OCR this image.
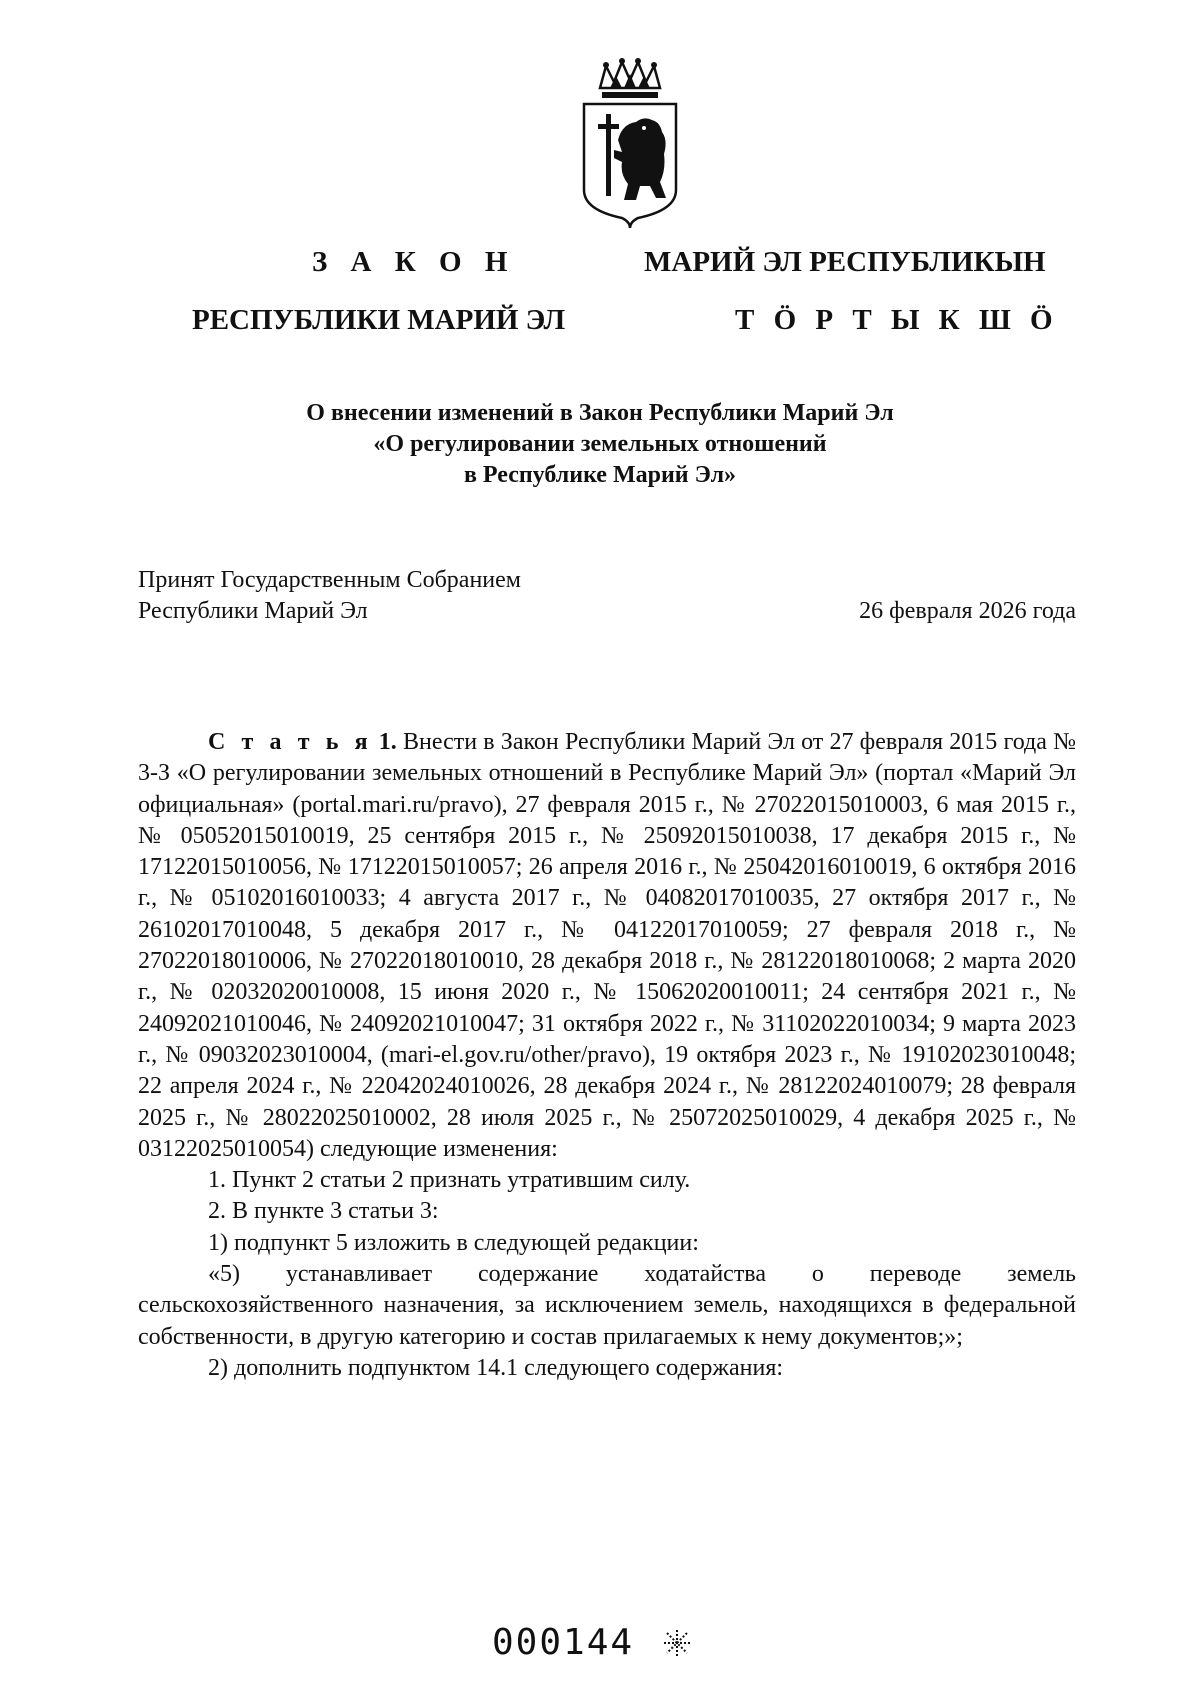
З А К О Н
РЕСПУБЛИКИ МАРИЙ ЭЛ
МАРИЙ ЭЛ РЕСПУБЛИКЫН
Т Ӧ Р Т Ы К Ш Ӧ
О внесении изменений в Закон Республики Марий Эл
«О регулировании земельных отношений
в Республике Марий Эл»
Принят Государственным Собранием
Республики Марий Эл	26 февраля 2026 года

С т а т ь я 1. Внести в Закон Республики Марий Эл от 27 февраля 2015 года № 3-З «О регулировании земельных отношений в Республике Марий Эл» (портал «Марий Эл официальная» (portal.mari.ru/pravo), 27 февраля 2015 г., № 27022015010003, 6 мая 2015 г., № 05052015010019, 25 сентября 2015 г., № 25092015010038, 17 декабря 2015 г., № 17122015010056, № 17122015010057; 26 апреля 2016 г., № 25042016010019, 6 октября 2016 г., № 05102016010033; 4 августа 2017 г., № 04082017010035, 27 октября 2017 г., № 26102017010048, 5 декабря 2017 г., № 04122017010059; 27 февраля 2018 г., № 27022018010006, № 27022018010010, 28 декабря 2018 г., № 28122018010068; 2 марта 2020 г., № 02032020010008, 15 июня 2020 г., № 15062020010011; 24 сентября 2021 г., № 24092021010046, № 24092021010047; 31 октября 2022 г., № 31102022010034; 9 марта 2023 г., № 09032023010004, (mari-el.gov.ru/other/pravo), 19 октября 2023 г., № 19102023010048; 22 апреля 2024 г., № 22042024010026, 28 декабря 2024 г., № 28122024010079; 28 февраля 2025 г., № 28022025010002, 28 июля 2025 г., № 25072025010029, 4 декабря 2025 г., № 03122025010054) следующие изменения:

1. Пункт 2 статьи 2 признать утратившим силу.

2. В пункте 3 статьи 3:

1) подпункт 5 изложить в следующей редакции:

«5) устанавливает содержание ходатайства о переводе земель сельскохозяйственного назначения, за исключением земель, находящихся в федеральной собственности, в другую категорию и состав прилагаемых к нему документов;»;

2) дополнить подпунктом 14.1 следующего содержания:

000144
